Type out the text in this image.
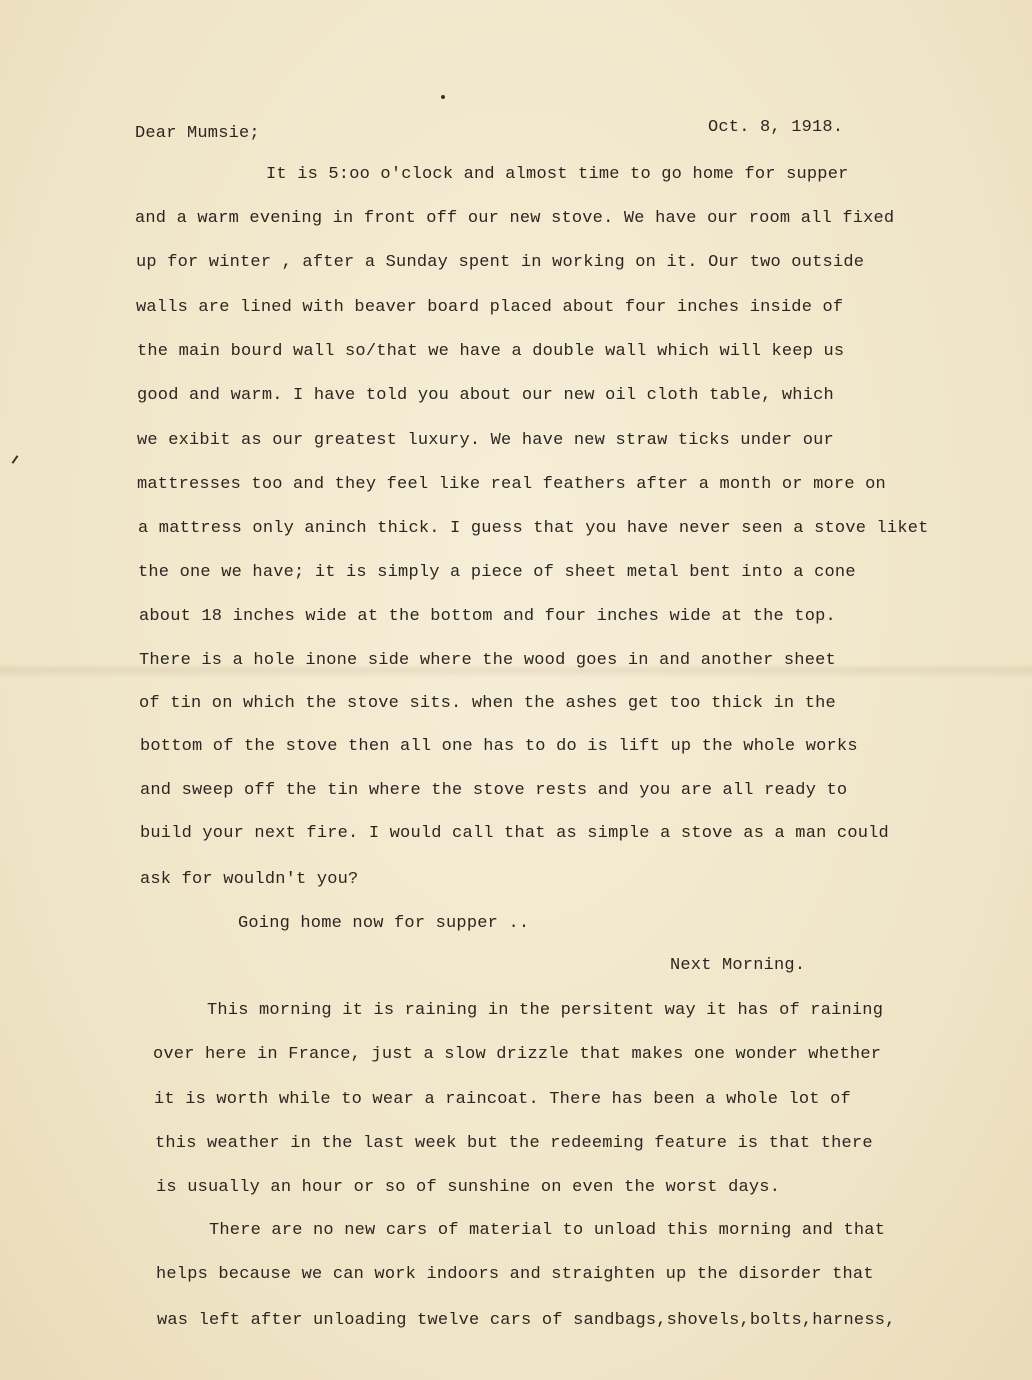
Dear Mumsie;	Oct. 8, 1918.
It is 5:oo o'clock and almost time to go home for supper
and a warm evening in front off our new stove. We have our room all fixed
up for winter , after a Sunday spent in working on it. Our two outside
walls are lined with beaver board placed about four inches inside of
the main bourd wall so/that we have a double wall which will keep us
good and warm. I have told you about our new oil cloth table, which
we exibit as our greatest luxury. We have new straw ticks under our
mattresses too and they feel like real feathers after a month or more on
a mattress only aninch thick. I guess that you have never seen a stove liket
the one we have; it is simply a piece of sheet metal bent into a cone
about 18 inches wide at the bottom and four inches wide at the top.
There is a hole inone side where the wood goes in and another sheet
of tin on which the stove sits. when the ashes get too thick in the
bottom of the stove then all one has to do is lift up the whole works
and sweep off the tin where the stove rests and you are all ready to
build your next fire. I would call that as simple a stove as a man could
ask for wouldn't you?
Going home now for supper ..
Next Morning.
This morning it is raining in the persitent way it has of raining
over here in France, just a slow drizzle that makes one wonder whether
it is worth while to wear a raincoat. There has been a whole lot of
this weather in the last week but the redeeming feature is that there
is usually an hour or so of sunshine on even the worst days.
There are no new cars of material to unload this morning and that
helps because we can work indoors and straighten up the disorder that
was left after unloading twelve cars of sandbags,shovels,bolts,harness,
